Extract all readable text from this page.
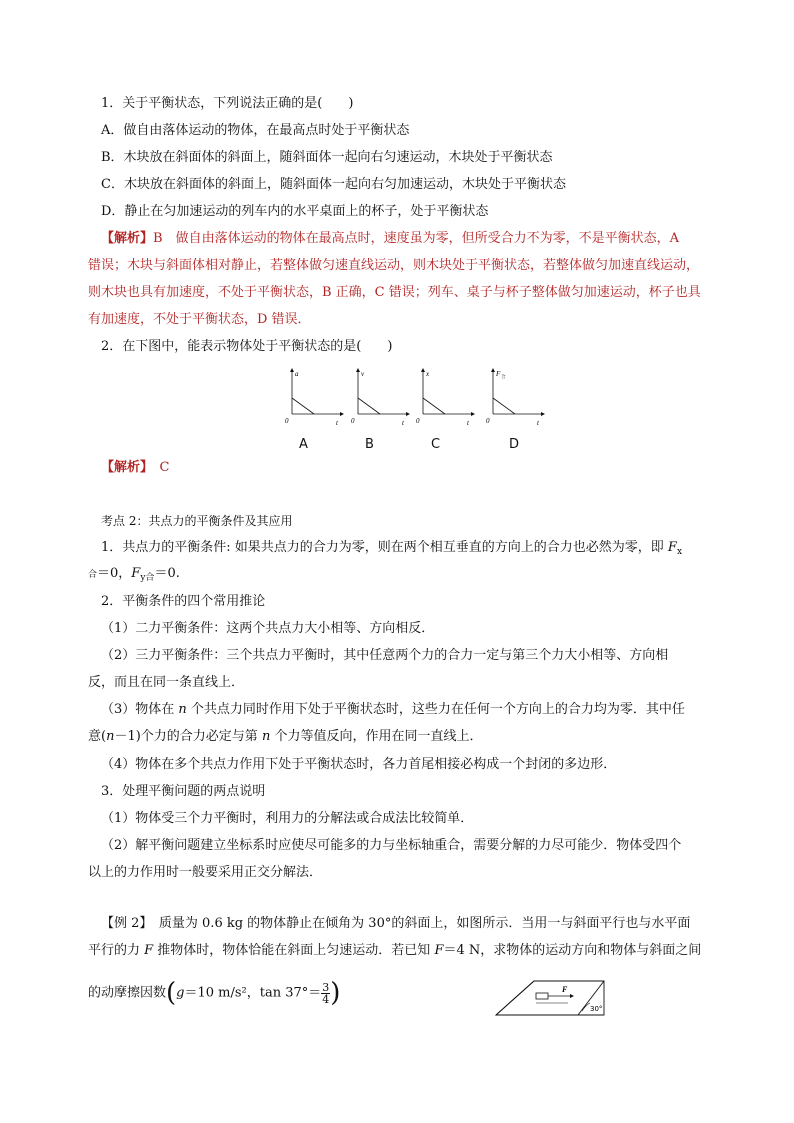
1．关于平衡状态，下列说法正确的是(　　)
A．做自由落体运动的物体，在最高点时处于平衡状态
B．木块放在斜面体的斜面上，随斜面体一起向右匀速运动，木块处于平衡状态
C．木块放在斜面体的斜面上，随斜面体一起向右匀加速运动，木块处于平衡状态
D．静止在匀加速运动的列车内的水平桌面上的杯子，处于平衡状态
【解析】B　做自由落体运动的物体在最高点时，速度虽为零，但所受合力不为零，不是平衡状态，A
错误；木块与斜面体相对静止，若整体做匀速直线运动，则木块处于平衡状态，若整体做匀加速直线运动，
则木块也具有加速度，不处于平衡状态，B 正确，C 错误；列车、桌子与杯子整体做匀加速运动，杯子也具
有加速度，不处于平衡状态，D 错误．
2．在下图中，能表示物体处于平衡状态的是(　　)
a
t
0
v
t
0
x
t
0
F 合
t
0
A	B	C	D
【解析】　C
考点 2：共点力的平衡条件及其应用
1．共点力的平衡条件: 如果共点力的合力为零，则在两个相互垂直的方向上的合力也必然为零，即 $F_x$
合＝0，$F_{y合}=0$.
2．平衡条件的四个常用推论
（1）二力平衡条件：这两个共点力大小相等、方向相反．
（2）三力平衡条件：三个共点力平衡时，其中任意两个力的合力一定与第三个力大小相等、方向相
反，而且在同一条直线上．
（3）物体在 n 个共点力同时作用下处于平衡状态时，这些力在任何一个方向上的合力均为零．其中任
意(n－1)个力的合力必定与第 n 个力等值反向，作用在同一直线上．
（4）物体在多个共点力作用下处于平衡状态时，各力首尾相接必构成一个封闭的多边形．
3．处理平衡问题的两点说明
（1）物体受三个力平衡时，利用力的分解法或合成法比较简单．
（2）解平衡问题建立坐标系时应使尽可能多的力与坐标轴重合，需要分解的力尽可能少．物体受四个
以上的力作用时一般要采用正交分解法．
【例 2】　质量为 0.6 kg 的物体静止在倾角为 30°的斜面上，如图所示．当用一与斜面平行也与水平面
平行的力 F 推物体时，物体恰能在斜面上匀速运动．若已知 F＝4 N，求物体的运动方向和物体与斜面之间
的动摩擦因数(g＝10 m/s²，$\tan 37^\circ= \frac{3}{4}$ )	F
30°
